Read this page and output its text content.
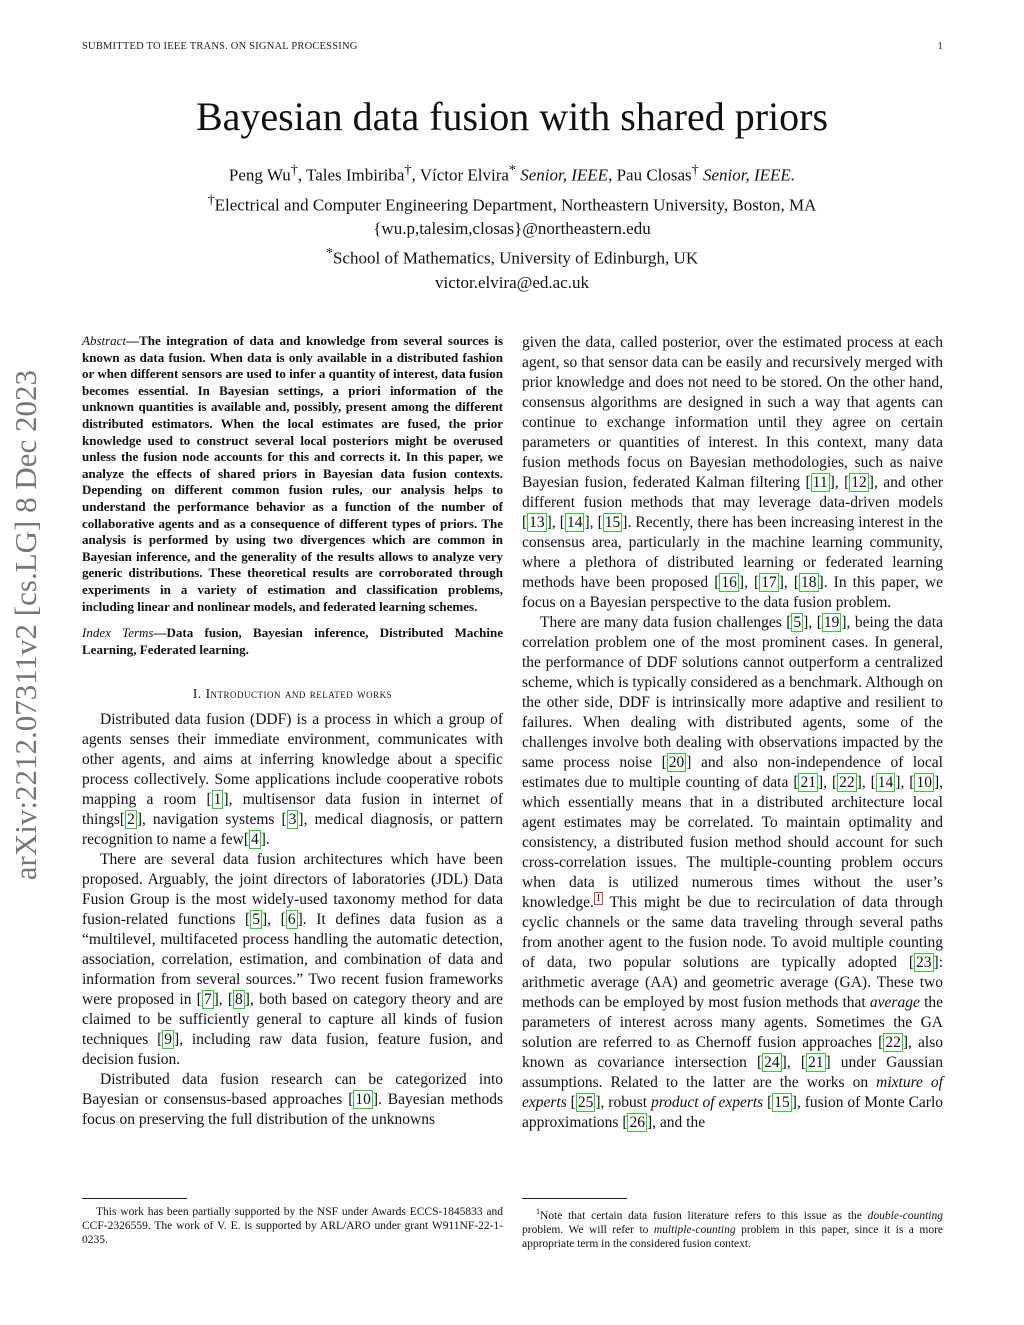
SUBMITTED TO IEEE TRANS. ON SIGNAL PROCESSING	1
Bayesian data fusion with shared priors

Peng Wu†, Tales Imbiriba†, Víctor Elvira* Senior, IEEE, Pau Closas† Senior, IEEE.

†Electrical and Computer Engineering Department, Northeastern University, Boston, MA

{wu.p,talesim,closas}@northeastern.edu

*School of Mathematics, University of Edinburgh, UK

victor.elvira@ed.ac.uk

arXiv:2212.07311v2 [cs.LG] 8 Dec 2023

Abstract—The integration of data and knowledge from several sources is known as data fusion. When data is only available in a distributed fashion or when different sensors are used to infer a quantity of interest, data fusion becomes essential. In Bayesian settings, a priori information of the unknown quantities is available and, possibly, present among the different distributed estimators. When the local estimates are fused, the prior knowledge used to construct several local posteriors might be overused unless the fusion node accounts for this and corrects it. In this paper, we analyze the effects of shared priors in Bayesian data fusion contexts. Depending on different common fusion rules, our analysis helps to understand the performance behavior as a function of the number of collaborative agents and as a consequence of different types of priors. The analysis is performed by using two divergences which are common in Bayesian inference, and the generality of the results allows to analyze very generic distributions. These theoretical results are corroborated through experiments in a variety of estimation and classification problems, including linear and nonlinear models, and federated learning schemes.

Index Terms—Data fusion, Bayesian inference, Distributed Machine Learning, Federated learning.

I. Introduction and related works

Distributed data fusion (DDF) is a process in which a group of agents senses their immediate environment, communicates with other agents, and aims at inferring knowledge about a specific process collectively. Some applications include cooperative robots mapping a room [ 1 ], multisensor data fusion in internet of things[ 2 ], navigation systems [ 3 ], medical diagnosis, or pattern recognition to name a few[ 4 ].

There are several data fusion architectures which have been proposed. Arguably, the joint directors of laboratories (JDL) Data Fusion Group is the most widely-used taxonomy method for data fusion-related functions [ 5 ], [ 6 ]. It defines data fusion as a “multilevel, multifaceted process handling the automatic detection, association, correlation, estimation, and combination of data and information from several sources.” Two recent fusion frameworks were proposed in [ 7 ], [ 8 ], both based on category theory and are claimed to be sufficiently general to capture all kinds of fusion techniques [ 9 ], including raw data fusion, feature fusion, and decision fusion.

Distributed data fusion research can be categorized into Bayesian or consensus-based approaches [ 10 ]. Bayesian methods focus on preserving the full distribution of the unknowns

given the data, called posterior, over the estimated process at each agent, so that sensor data can be easily and recursively merged with prior knowledge and does not need to be stored. On the other hand, consensus algorithms are designed in such a way that agents can continue to exchange information until they agree on certain parameters or quantities of interest. In this context, many data fusion methods focus on Bayesian methodologies, such as naive Bayesian fusion, federated Kalman filtering [ 11 ], [ 12 ], and other different fusion methods that may leverage data-driven models [ 13 ], [ 14 ], [ 15 ]. Recently, there has been increasing interest in the consensus area, particularly in the machine learning community, where a plethora of distributed learning or federated learning methods have been proposed [ 16 ], [ 17 ], [ 18 ]. In this paper, we focus on a Bayesian perspective to the data fusion problem.

There are many data fusion challenges [ 5 ], [ 19 ], being the data correlation problem one of the most prominent cases. In general, the performance of DDF solutions cannot outperform a centralized scheme, which is typically considered as a benchmark. Although on the other side, DDF is intrinsically more adaptive and resilient to failures. When dealing with distributed agents, some of the challenges involve both dealing with observations impacted by the same process noise [ 20 ] and also non-independence of local estimates due to multiple counting of data [ 21 ], [ 22 ], [ 14 ], [ 10 ], which essentially means that in a distributed architecture local agent estimates may be correlated. To maintain optimality and consistency, a distributed fusion method should account for such cross-correlation issues. The multiple-counting problem occurs when data is utilized numerous times without the user’s knowledge. $^1$ This might be due to recirculation of data through cyclic channels or the same data traveling through several paths from another agent to the fusion node. To avoid multiple counting of data, two popular solutions are typically adopted [ 23 ]: arithmetic average (AA) and geometric average (GA). These two methods can be employed by most fusion methods that average the parameters of interest across many agents. Sometimes the GA solution are referred to as Chernoff fusion approaches [ 22 ], also known as covariance intersection [ 24 ], [ 21 ] under Gaussian assumptions. Related to the latter are the works on mixture of experts [ 25 ], robust product of experts [ 15 ], fusion of Monte Carlo approximations [ 26 ], and the

This work has been partially supported by the NSF under Awards ECCS-1845833 and CCF-2326559. The work of V. E. is supported by ARL/ARO under grant W911NF-22-1-0235.
$^1$Note that certain data fusion literature refers to this issue as the double-counting problem. We will refer to multiple-counting problem in this paper, since it is a more appropriate term in the considered fusion context.
